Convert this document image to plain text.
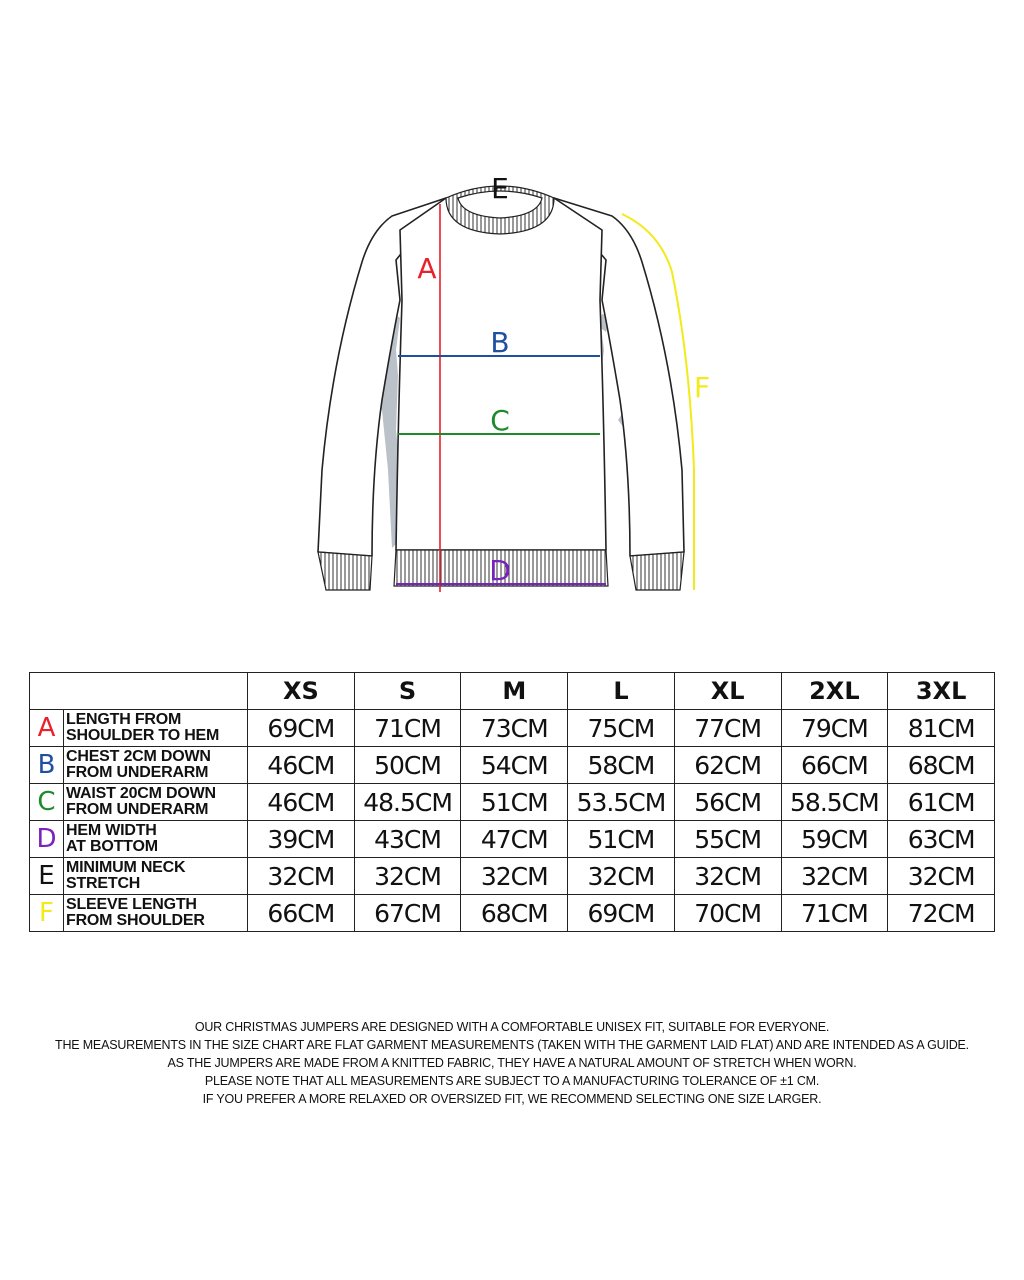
E
A
B
C
D
F
		XS	S	M	L	XL	2XL	3XL
A	LENGTH FROM
SHOULDER TO HEM	69CM	71CM	73CM	75CM	77CM	79CM	81CM
B	CHEST 2CM DOWN
FROM UNDERARM	46CM	50CM	54CM	58CM	62CM	66CM	68CM
C	WAIST 20CM DOWN
FROM UNDERARM	46CM	48.5CM	51CM	53.5CM	56CM	58.5CM	61CM
D	HEM WIDTH
AT BOTTOM	39CM	43CM	47CM	51CM	55CM	59CM	63CM
E	MINIMUM NECK
STRETCH	32CM	32CM	32CM	32CM	32CM	32CM	32CM
F	SLEEVE LENGTH
FROM SHOULDER	66CM	67CM	68CM	69CM	70CM	71CM	72CM

OUR CHRISTMAS JUMPERS ARE DESIGNED WITH A COMFORTABLE UNISEX FIT, SUITABLE FOR EVERYONE.

THE MEASUREMENTS IN THE SIZE CHART ARE FLAT GARMENT MEASUREMENTS (TAKEN WITH THE GARMENT LAID FLAT) AND ARE INTENDED AS A GUIDE.

AS THE JUMPERS ARE MADE FROM A KNITTED FABRIC, THEY HAVE A NATURAL AMOUNT OF STRETCH WHEN WORN.

PLEASE NOTE THAT ALL MEASUREMENTS ARE SUBJECT TO A MANUFACTURING TOLERANCE OF ±1 CM.

IF YOU PREFER A MORE RELAXED OR OVERSIZED FIT, WE RECOMMEND SELECTING ONE SIZE LARGER.
